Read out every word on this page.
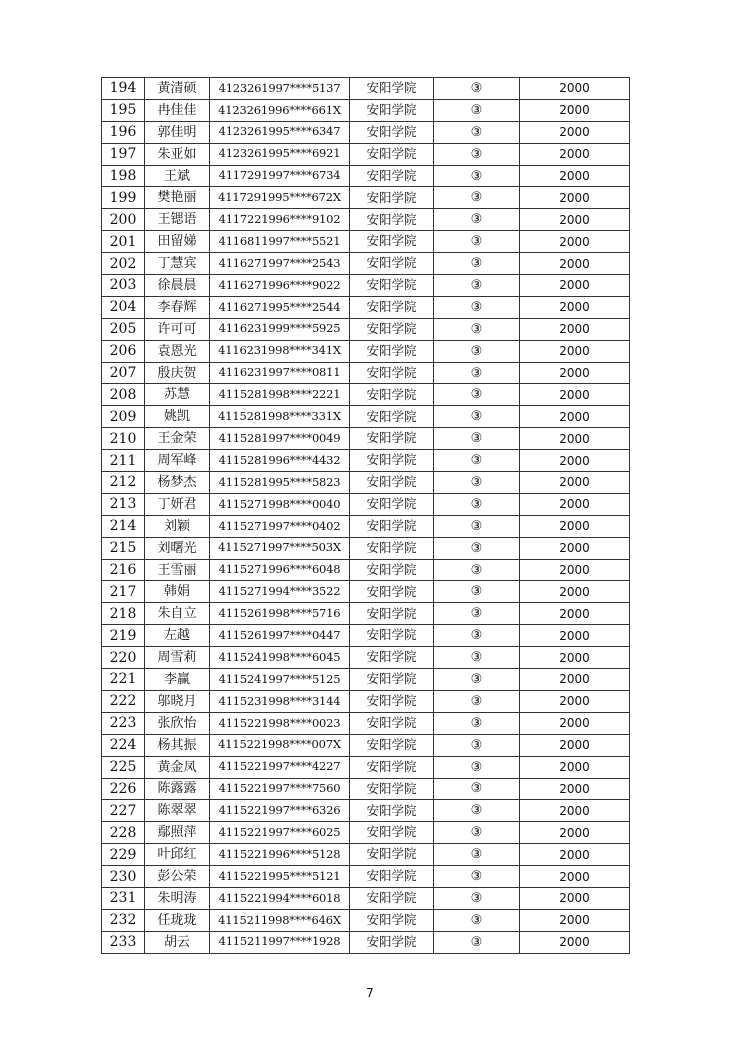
194	黄清硕	4123261997****5137	安阳学院	③	2000
195	冉佳佳	4123261996****661X	安阳学院	③	2000
196	郭佳明	4123261995****6347	安阳学院	③	2000
197	朱亚如	4123261995****6921	安阳学院	③	2000
198	王斌	4117291997****6734	安阳学院	③	2000
199	樊艳丽	4117291995****672X	安阳学院	③	2000
200	王锶语	4117221996****9102	安阳学院	③	2000
201	田留娣	4116811997****5521	安阳学院	③	2000
202	丁慧宾	4116271997****2543	安阳学院	③	2000
203	徐晨晨	4116271996****9022	安阳学院	③	2000
204	李春辉	4116271995****2544	安阳学院	③	2000
205	许可可	4116231999****5925	安阳学院	③	2000
206	袁恩光	4116231998****341X	安阳学院	③	2000
207	殷庆贺	4116231997****0811	安阳学院	③	2000
208	苏慧	4115281998****2221	安阳学院	③	2000
209	姚凯	4115281998****331X	安阳学院	③	2000
210	王金荣	4115281997****0049	安阳学院	③	2000
211	周军峰	4115281996****4432	安阳学院	③	2000
212	杨梦杰	4115281995****5823	安阳学院	③	2000
213	丁妍君	4115271998****0040	安阳学院	③	2000
214	刘颖	4115271997****0402	安阳学院	③	2000
215	刘曙光	4115271997****503X	安阳学院	③	2000
216	王雪丽	4115271996****6048	安阳学院	③	2000
217	韩娟	4115271994****3522	安阳学院	③	2000
218	朱自立	4115261998****5716	安阳学院	③	2000
219	左越	4115261997****0447	安阳学院	③	2000
220	周雪莉	4115241998****6045	安阳学院	③	2000
221	李赢	4115241997****5125	安阳学院	③	2000
222	邬晓月	4115231998****3144	安阳学院	③	2000
223	张欣怡	4115221998****0023	安阳学院	③	2000
224	杨其振	4115221998****007X	安阳学院	③	2000
225	黄金凤	4115221997****4227	安阳学院	③	2000
226	陈露露	4115221997****7560	安阳学院	③	2000
227	陈翠翠	4115221997****6326	安阳学院	③	2000
228	鄢照萍	4115221997****6025	安阳学院	③	2000
229	叶邱红	4115221996****5128	安阳学院	③	2000
230	彭公荣	4115221995****5121	安阳学院	③	2000
231	朱明涛	4115221994****6018	安阳学院	③	2000
232	任珑珑	4115211998****646X	安阳学院	③	2000
233	胡云	4115211997****1928	安阳学院	③	2000
7
